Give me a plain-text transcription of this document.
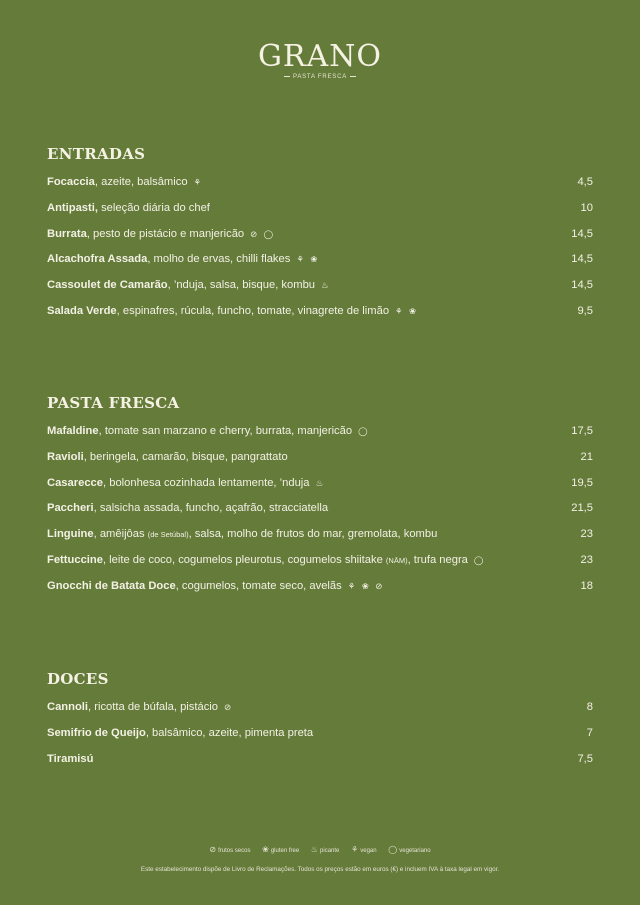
GRANO
PASTA FRESCA
ENTRADAS
Focaccia, azeite, balsâmico ⚘	4,5
Antipasti, seleção diária do chef	10
Burrata, pesto de pistácio e manjericão ⊘ ◯	14,5
Alcachofra Assada, molho de ervas, chilli flakes ⚘ ❀	14,5
Cassoulet de Camarão, ’nduja, salsa, bisque, kombu ♨	14,5
Salada Verde, espinafres, rúcula, funcho, tomate, vinagrete de limão ⚘ ❀	9,5
PASTA FRESCA
Mafaldine, tomate san marzano e cherry, burrata, manjericão ◯	17,5
Ravioli, beringela, camarão, bisque, pangrattato	21
Casarecce, bolonhesa cozinhada lentamente, ’nduja ♨	19,5
Paccheri, salsicha assada, funcho, açafrão, stracciatella	21,5
Linguine, amêijôas (de Setúbal), salsa, molho de frutos do mar, gremolata, kombu	23
Fettuccine, leite de coco, cogumelos pleurotus, cogumelos shiitake (NĀM), trufa negra ◯	23
Gnocchi de Batata Doce, cogumelos, tomate seco, avelãs ⚘ ❀ ⊘	18
DOCES
Cannoli, ricotta de búfala, pistácio ⊘	8
Semifrio de Queijo, balsâmico, azeite, pimenta preta	7
Tiramisú	7,5
⊘ frutos secos ❀ gluten free ♨ picante ⚘ vegan ◯ vegetariano
Este estabelecimento dispõe de Livro de Reclamações. Todos os preços estão em euros (€) e incluem IVA à taxa legal em vigor.
